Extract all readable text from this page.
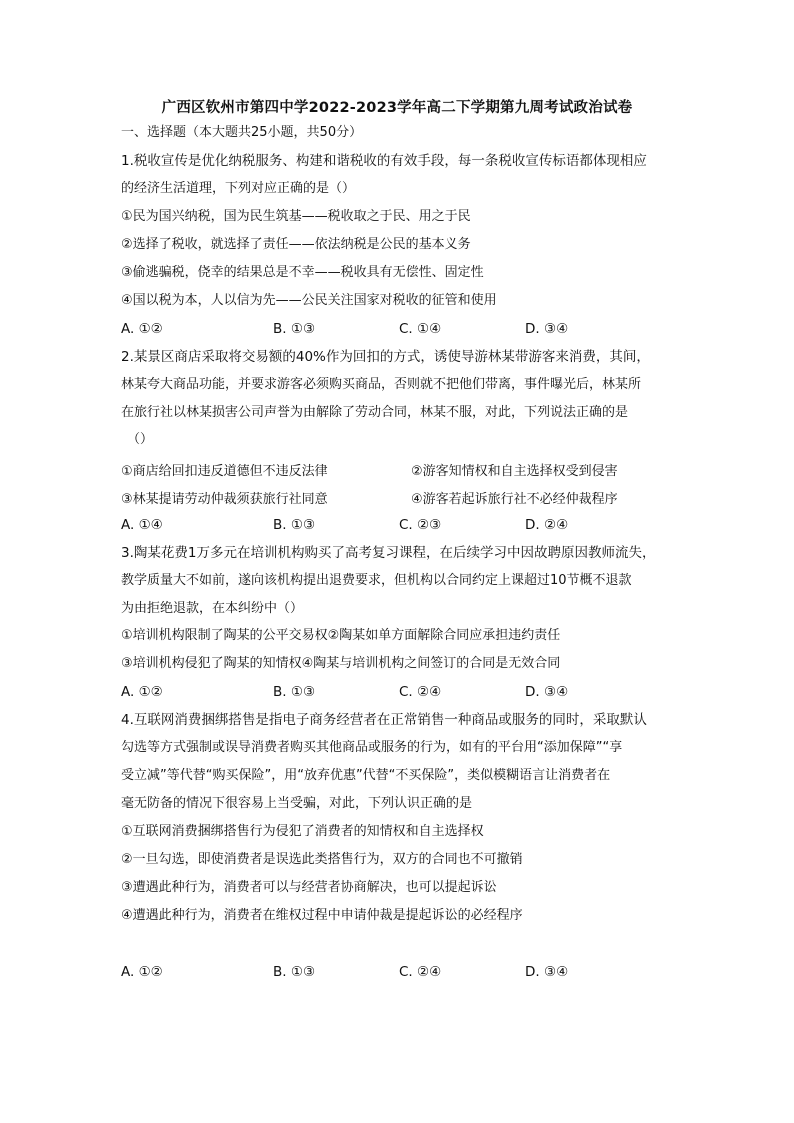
广西区钦州市第四中学2022-2023学年高二下学期第九周考试政治试卷
一、选择题（本大题共25小题，共50分）
1.税收宣传是优化纳税服务、构建和谐税收的有效手段，每一条税收宣传标语都体现相应
的经济生活道理，下列对应正确的是（）
①民为国兴纳税，国为民生筑基——税收取之于民、用之于民
②选择了税收，就选择了责任——依法纳税是公民的基本义务
③偷逃骗税，侥幸的结果总是不幸——税收具有无偿性、固定性
④国以税为本，人以信为先——公民关注国家对税收的征管和使用
A. ①②	B. ①③	C. ①④	D. ③④
2.某景区商店采取将交易额的40%作为回扣的方式，诱使导游林某带游客来消费，其间，
林某夸大商品功能，并要求游客必须购买商品，否则就不把他们带离，事件曝光后，林某所
在旅行社以林某损害公司声誉为由解除了劳动合同，林某不服，对此，下列说法正确的是
（）
①商店给回扣违反道德但不违反法律	②游客知情权和自主选择权受到侵害
③林某提请劳动仲裁须获旅行社同意	④游客若起诉旅行社不必经仲裁程序
A. ①④	B. ①③	C. ②③	D. ②④
3.陶某花费1万多元在培训机构购买了高考复习课程，在后续学习中因故聘原因教师流失，
教学质量大不如前，遂向该机构提出退费要求，但机构以合同约定上课超过10节概不退款
为由拒绝退款，在本纠纷中（）
①培训机构限制了陶某的公平交易权②陶某如单方面解除合同应承担违约责任
③培训机构侵犯了陶某的知情权④陶某与培训机构之间签订的合同是无效合同
A. ①②	B. ①③	C. ②④	D. ③④
4.互联网消费捆绑搭售是指电子商务经营者在正常销售一种商品或服务的同时，采取默认
勾选等方式强制或误导消费者购买其他商品或服务的行为，如有的平台用“添加保障”“享
受立减”等代替“购买保险”，用“放弃优惠”代替“不买保险”，类似模糊语言让消费者在
毫无防备的情况下很容易上当受骗，对此，下列认识正确的是
①互联网消费捆绑搭售行为侵犯了消费者的知情权和自主选择权
②一旦勾选，即使消费者是误选此类搭售行为，双方的合同也不可撤销
③遭遇此种行为，消费者可以与经营者协商解决，也可以提起诉讼
④遭遇此种行为，消费者在维权过程中申请仲裁是提起诉讼的必经程序
A. ①②	B. ①③	C. ②④	D. ③④
